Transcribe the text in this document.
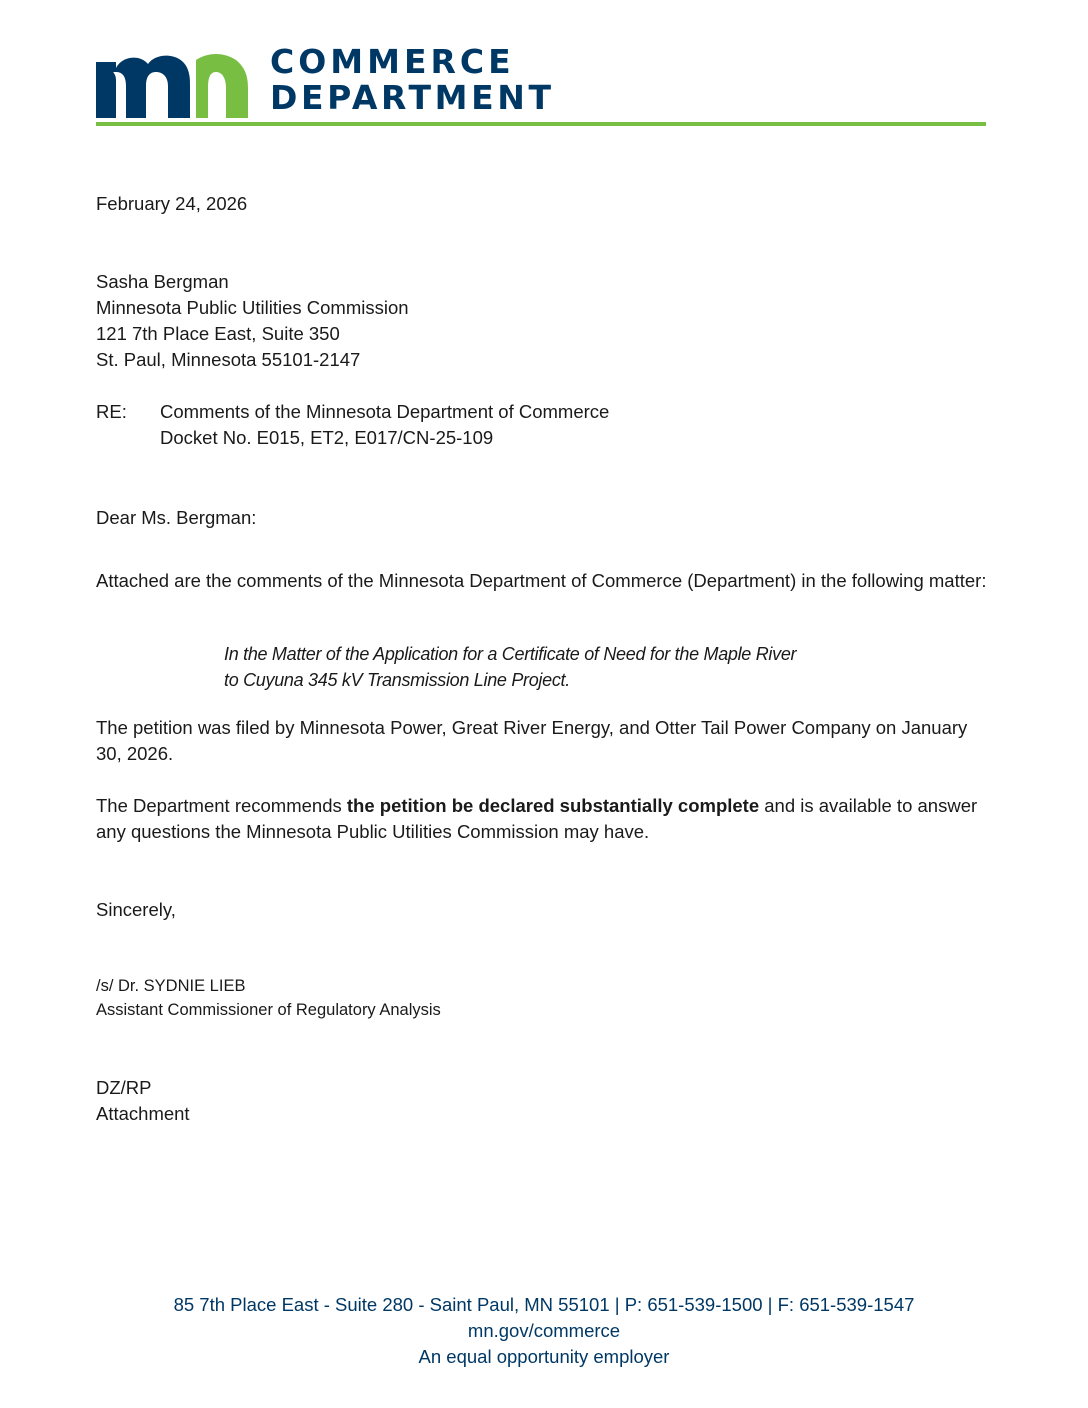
COMMERCE
DEPARTMENT
February 24, 2026
Sasha Bergman
Minnesota Public Utilities Commission
121 7th Place East, Suite 350
St. Paul, Minnesota 55101-2147
RE: Comments of the Minnesota Department of Commerce
Docket No. E015, ET2, E017/CN-25-109
Dear Ms. Bergman:
Attached are the comments of the Minnesota Department of Commerce (Department) in the following matter:
In the Matter of the Application for a Certificate of Need for the Maple River
to Cuyuna 345 kV Transmission Line Project.
The petition was filed by Minnesota Power, Great River Energy, and Otter Tail Power Company on January 30, 2026.
The Department recommends the petition be declared substantially complete and is available to answer any questions the Minnesota Public Utilities Commission may have.
Sincerely,
/s/ Dr. SYDNIE LIEB
Assistant Commissioner of Regulatory Analysis
DZ/RP
Attachment
85 7th Place East - Suite 280 - Saint Paul, MN 55101 | P: 651-539-1500 | F: 651-539-1547
mn.gov/commerce
An equal opportunity employer
